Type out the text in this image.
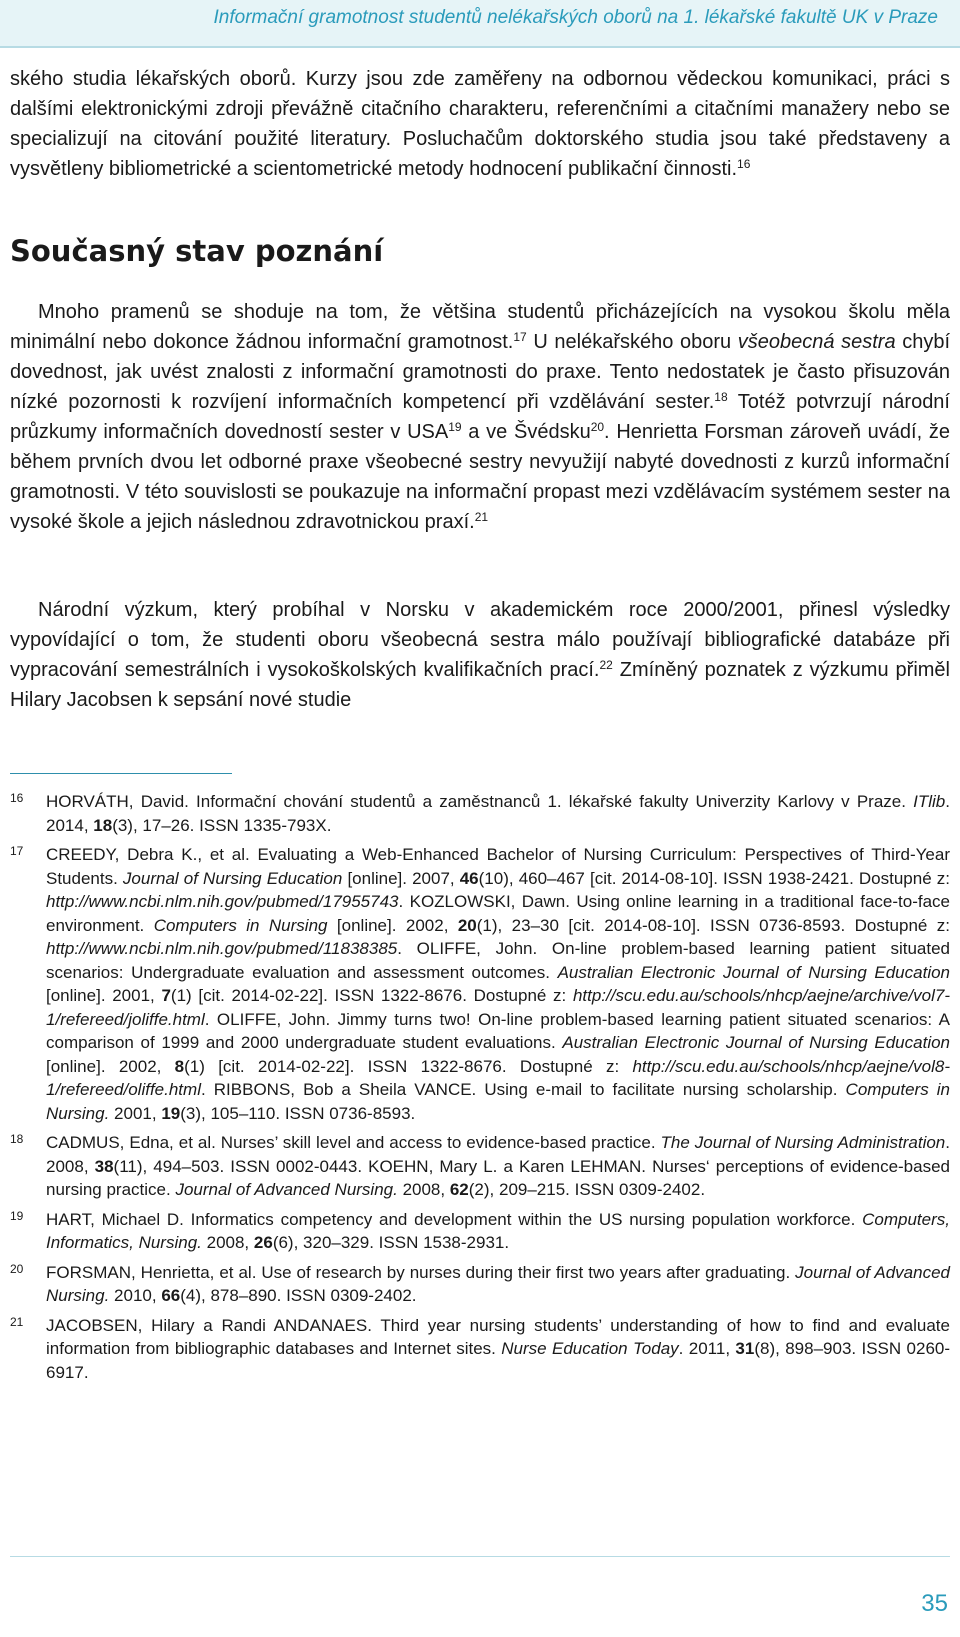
Informační gramotnost studentů nelékařských oborů na 1. lékařské fakultě UK v Praze

ského studia lékařských oborů. Kurzy jsou zde zaměřeny na odbornou vědeckou komunikaci, práci s dalšími elektronickými zdroji převážně citačního charakteru, referenčními a citačními manažery nebo se specializují na citování použité literatury. Posluchačům doktorského studia jsou také představeny a vysvětleny bibliometrické a scientometrické metody hodnocení publikační činnosti.$^{16}$

Současný stav poznání

Mnoho pramenů se shoduje na tom, že většina studentů přicházejících na vysokou školu měla minimální nebo dokonce žádnou informační gramotnost.$^{17}$ U nelékařského oboru všeobecná sestra chybí dovednost, jak uvést znalosti z informační gramotnosti do praxe. Tento nedostatek je často přisuzován nízké pozornosti k rozvíjení informačních kompetencí při vzdělávání sester.$^{18}$ Totéž potvrzují národní průzkumy informačních dovedností sester v USA$^{19}$ a ve Švédsku$^{20}$. Henrietta Forsman zároveň uvádí, že během prvních dvou let odborné praxe všeobecné sestry nevyužijí nabyté dovednosti z kurzů informační gramotnosti. V této souvislosti se poukazuje na informační propast mezi vzdělávacím systémem sester na vysoké škole a jejich následnou zdravotnickou praxí.$^{21}$

Národní výzkum, který probíhal v Norsku v akademickém roce 2000/2001, přinesl výsledky vypovídající o tom, že studenti oboru všeobecná sestra málo používají bibliografické databáze při vypracování semestrálních i vysokoškolských kvalifikačních prací.$^{22}$ Zmíněný poznatek z výzkumu přiměl Hilary Jacobsen k sepsání nové studie

16 HORVÁTH, David. Informační chování studentů a zaměstnanců 1. lékařské fakulty Univerzity Karlovy v Praze. ITlib. 2014, 18(3), 17–26. ISSN 1335-793X.
17 CREEDY, Debra K., et al. Evaluating a Web-Enhanced Bachelor of Nursing Curriculum: Perspectives of Third-Year Students. Journal of Nursing Education [online]. 2007, 46(10), 460–467 [cit. 2014-08-10]. ISSN 1938-2421. Dostupné z: http://www.ncbi.nlm.nih.gov/pubmed/17955743. KOZLOWSKI, Dawn. Using online learning in a traditional face-to-face environment. Computers in Nursing [online]. 2002, 20(1), 23–30 [cit. 2014-08-10]. ISSN 0736-8593. Dostupné z: http://www.ncbi.nlm.nih.gov/pubmed/11838385. OLIFFE, John. On-line problem-based learning patient situated scenarios: Undergraduate evaluation and assessment outcomes. Australian Electronic Journal of Nursing Education [online]. 2001, 7(1) [cit. 2014-02-22]. ISSN 1322-8676. Dostupné z: http://scu.edu.au/schools/nhcp/aejne/archive/vol7-1/refereed/joliffe.html. OLIFFE, John. Jimmy turns two! On-line problem-based learning patient situated scenarios: A comparison of 1999 and 2000 undergraduate student evaluations. Australian Electronic Journal of Nursing Education [online]. 2002, 8(1) [cit. 2014-02-22]. ISSN 1322-8676. Dostupné z: http://scu.edu.au/schools/nhcp/aejne/vol8-1/refereed/oliffe.html. RIBBONS, Bob a Sheila VANCE. Using e-mail to facilitate nursing scholarship. Computers in Nursing. 2001, 19(3), 105–110. ISSN 0736-8593.
18 CADMUS, Edna, et al. Nurses’ skill level and access to evidence-based practice. The Journal of Nursing Administration. 2008, 38(11), 494–503. ISSN 0002-0443. KOEHN, Mary L. a Karen LEHMAN. Nurses‘ perceptions of evidence-based nursing practice. Journal of Advanced Nursing. 2008, 62(2), 209–215. ISSN 0309-2402.
19 HART, Michael D. Informatics competency and development within the US nursing population workforce. Computers, Informatics, Nursing. 2008, 26(6), 320–329. ISSN 1538-2931.
20 FORSMAN, Henrietta, et al. Use of research by nurses during their first two years after graduating. Journal of Advanced Nursing. 2010, 66(4), 878–890. ISSN 0309-2402.
21 JACOBSEN, Hilary a Randi ANDANAES. Third year nursing students’ understanding of how to find and evaluate information from bibliographic databases and Internet sites. Nurse Education Today. 2011, 31(8), 898–903. ISSN 0260-6917.
35
